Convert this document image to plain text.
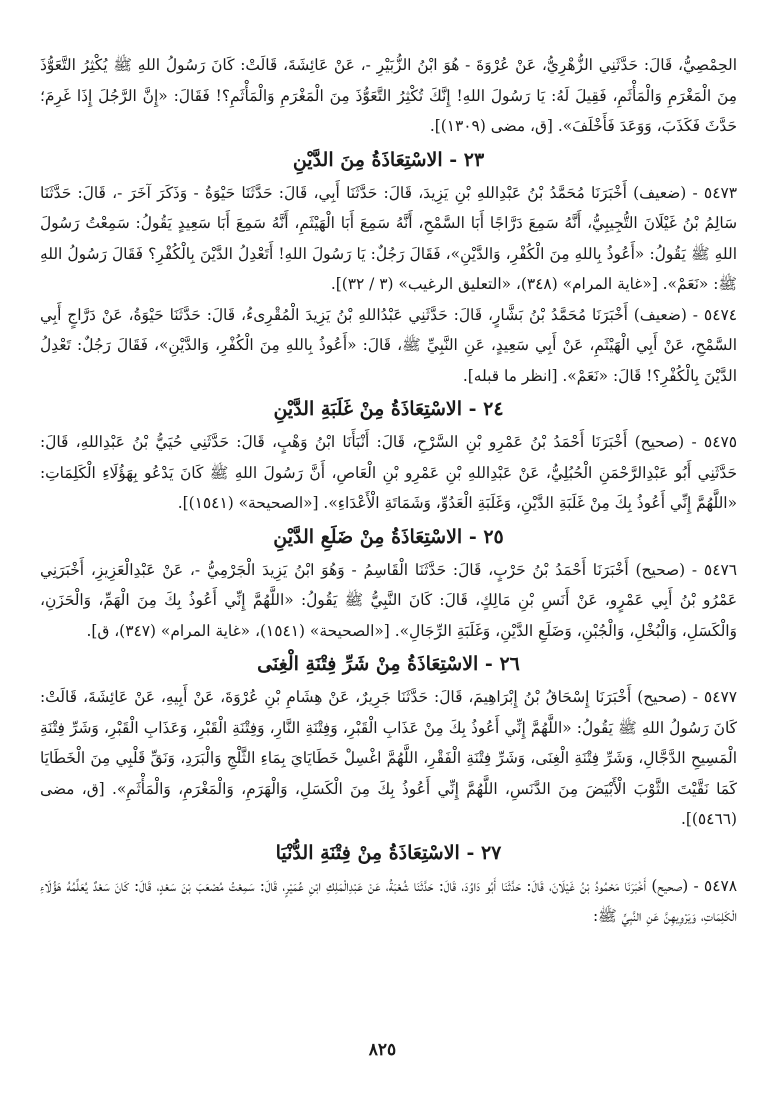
الحِمْصِيُّ، قَالَ: حَدَّثَنِي الزُّهْرِيُّ، عَنْ عُرْوَةَ - هُوَ ابْنُ الزُّبَيْرِ -، عَنْ عَائِشَةَ، قَالَتْ: كَانَ رَسُولُ اللهِ ﷺ يُكْثِرُ التَّعَوُّذَ مِنَ الْمَغْرَمِ وَالْمَأْثَمِ، فَقِيلَ لَهُ: يَا رَسُولَ اللهِ! إِنَّكَ تُكْثِرُ التَّعَوُّذَ مِنَ الْمَغْرَمِ وَالْمَأْثَمِ؟! فَقَالَ: «إِنَّ الرَّجُلَ إِذَا غَرِمَ؛ حَدَّثَ فَكَذَبَ، وَوَعَدَ فَأَخْلَفَ». [ق، مضى (١٣٠٩)].

٢٣ - الاسْتِعَاذَةُ مِنَ الدَّيْنِ

٥٤٧٣ - (ضعيف) أَخْبَرَنَا مُحَمَّدُ بْنُ عَبْدِاللهِ بْنِ يَزِيدَ، قَالَ: حَدَّثَنَا أَبِي، قَالَ: حَدَّثَنَا حَيْوَةُ - وَذَكَرَ آخَرَ -، قَالَ: حَدَّثَنَا سَالِمُ بْنُ غَيْلَانَ التُّجِيبِيُّ، أَنَّهُ سَمِعَ دَرَّاجًا أَبَا السَّمْحِ، أَنَّهُ سَمِعَ أَبَا الْهَيْثَمِ، أَنَّهُ سَمِعَ أَبَا سَعِيدٍ يَقُولُ: سَمِعْتُ رَسُولَ اللهِ ﷺ يَقُولُ: «أَعُوذُ بِاللهِ مِنَ الْكُفْرِ، وَالدَّيْنِ»، فَقَالَ رَجُلٌ: يَا رَسُولَ اللهِ! أَتَعْدِلُ الدَّيْنَ بِالْكُفْرِ؟ فَقَالَ رَسُولُ اللهِ ﷺ: «نَعَمْ». [«غاية المرام» (٣٤٨)، «التعليق الرغيب» (٣ / ٣٢)].

٥٤٧٤ - (ضعيف) أَخْبَرَنَا مُحَمَّدُ بْنُ بَشَّارٍ، قَالَ: حَدَّثَنِي عَبْدُاللهِ بْنُ يَزِيدَ الْمُقْرِىءُ، قَالَ: حَدَّثَنَا حَيْوَةُ، عَنْ دَرَّاجٍ أَبِي السَّمْحِ، عَنْ أَبِي الْهَيْثَمِ، عَنْ أَبِي سَعِيدٍ، عَنِ النَّبِيِّ ﷺ، قَالَ: «أَعُوذُ بِاللهِ مِنَ الْكُفْرِ، وَالدَّيْنِ»، فَقَالَ رَجُلٌ: تَعْدِلُ الدَّيْنَ بِالْكُفْرِ؟! قَالَ: «نَعَمْ». [انظر ما قبله].

٢٤ - الاسْتِعَاذَةُ مِنْ غَلَبَةِ الدَّيْنِ

٥٤٧٥ - (صحيح) أَخْبَرَنَا أَحْمَدُ بْنُ عَمْرِو بْنِ السَّرْحِ، قَالَ: أَنْبَأَنَا ابْنُ وَهْبٍ، قَالَ: حَدَّثَنِي حُيَيُّ بْنُ عَبْدِاللهِ، قَالَ: حَدَّثَنِي أَبُو عَبْدِالرَّحْمَنِ الْحُبُلِيُّ، عَنْ عَبْدِاللهِ بْنِ عَمْرِو بْنِ الْعَاصِ، أَنَّ رَسُولَ اللهِ ﷺ كَانَ يَدْعُو بِهَؤُلَاءِ الْكَلِمَاتِ: «اللَّهُمَّ إِنِّي أَعُوذُ بِكَ مِنْ غَلَبَةِ الدَّيْنِ، وَغَلَبَةِ الْعَدُوِّ، وَشَمَاتَةِ الْأَعْدَاءِ». [«الصحيحة» (١٥٤١)].

٢٥ - الاسْتِعَاذَةُ مِنْ ضَلَعِ الدَّيْنِ

٥٤٧٦ - (صحيح) أَخْبَرَنَا أَحْمَدُ بْنُ حَرْبٍ، قَالَ: حَدَّثَنَا الْقَاسِمُ - وَهُوَ ابْنُ يَزِيدَ الْجَرْمِيُّ -، عَنْ عَبْدِالْعَزِيزِ، أَخْبَرَنِي عَمْرُو بْنُ أَبِي عَمْرٍو، عَنْ أَنَسِ بْنِ مَالِكٍ، قَالَ: كَانَ النَّبِيُّ ﷺ يَقُولُ: «اللَّهُمَّ إِنِّي أَعُوذُ بِكَ مِنَ الْهَمِّ، وَالْحَزَنِ، وَالْكَسَلِ، وَالْبُخْلِ، وَالْجُبْنِ، وَضَلَعِ الدَّيْنِ، وَغَلَبَةِ الرِّجَالِ». [«الصحيحة» (١٥٤١)، «غاية المرام» (٣٤٧)، ق].

٢٦ - الاسْتِعَاذَةُ مِنْ شَرِّ فِتْنَةِ الْغِنَى

٥٤٧٧ - (صحيح) أَخْبَرَنَا إِسْحَاقُ بْنُ إِبْرَاهِيمَ، قَالَ: حَدَّثَنَا جَرِيرٌ، عَنْ هِشَامِ بْنِ عُرْوَةَ، عَنْ أَبِيهِ، عَنْ عَائِشَةَ، قَالَتْ: كَانَ رَسُولُ اللهِ ﷺ يَقُولُ: «اللَّهُمَّ إِنِّي أَعُوذُ بِكَ مِنْ عَذَابِ الْقَبْرِ، وَفِتْنَةِ النَّارِ، وَفِتْنَةِ الْقَبْرِ، وَعَذَابِ الْقَبْرِ، وَشَرِّ فِتْنَةِ الْمَسِيحِ الدَّجَّالِ، وَشَرِّ فِتْنَةِ الْغِنَى، وَشَرِّ فِتْنَةِ الْفَقْرِ، اللَّهُمَّ اغْسِلْ خَطَايَايَ بِمَاءِ الثَّلْجِ وَالْبَرَدِ، وَنَقِّ قَلْبِي مِنَ الْخَطَايَا كَمَا نَقَّيْتَ الثَّوْبَ الْأَبْيَضَ مِنَ الدَّنَسِ، اللَّهُمَّ إِنِّي أَعُوذُ بِكَ مِنَ الْكَسَلِ، وَالْهَرَمِ، وَالْمَغْرَمِ، وَالْمَأْثَمِ». [ق، مضى (٥٤٦٦)].

٢٧ - الاسْتِعَاذَةُ مِنْ فِتْنَةِ الدُّنْيَا

٥٤٧٨ - (صحيح) أَخْبَرَنَا مَحْمُودُ بْنُ غَيْلَانَ، قَالَ: حَدَّثَنَا أَبُو دَاوُدَ، قَالَ: حَدَّثَنَا شُعْبَةُ، عَنْ عَبْدِالْمَلِكِ ابْنِ عُمَيْرٍ، قَالَ: سَمِعْتُ مُصْعَبَ بْنَ سَعْدٍ، قَالَ: كَانَ سَعْدٌ يُعَلِّمُهُ هَؤُلَاءِ الْكَلِمَاتِ، وَيَرْوِيهِنَّ عَنِ النَّبِيِّ ﷺ:

٨٢٥
